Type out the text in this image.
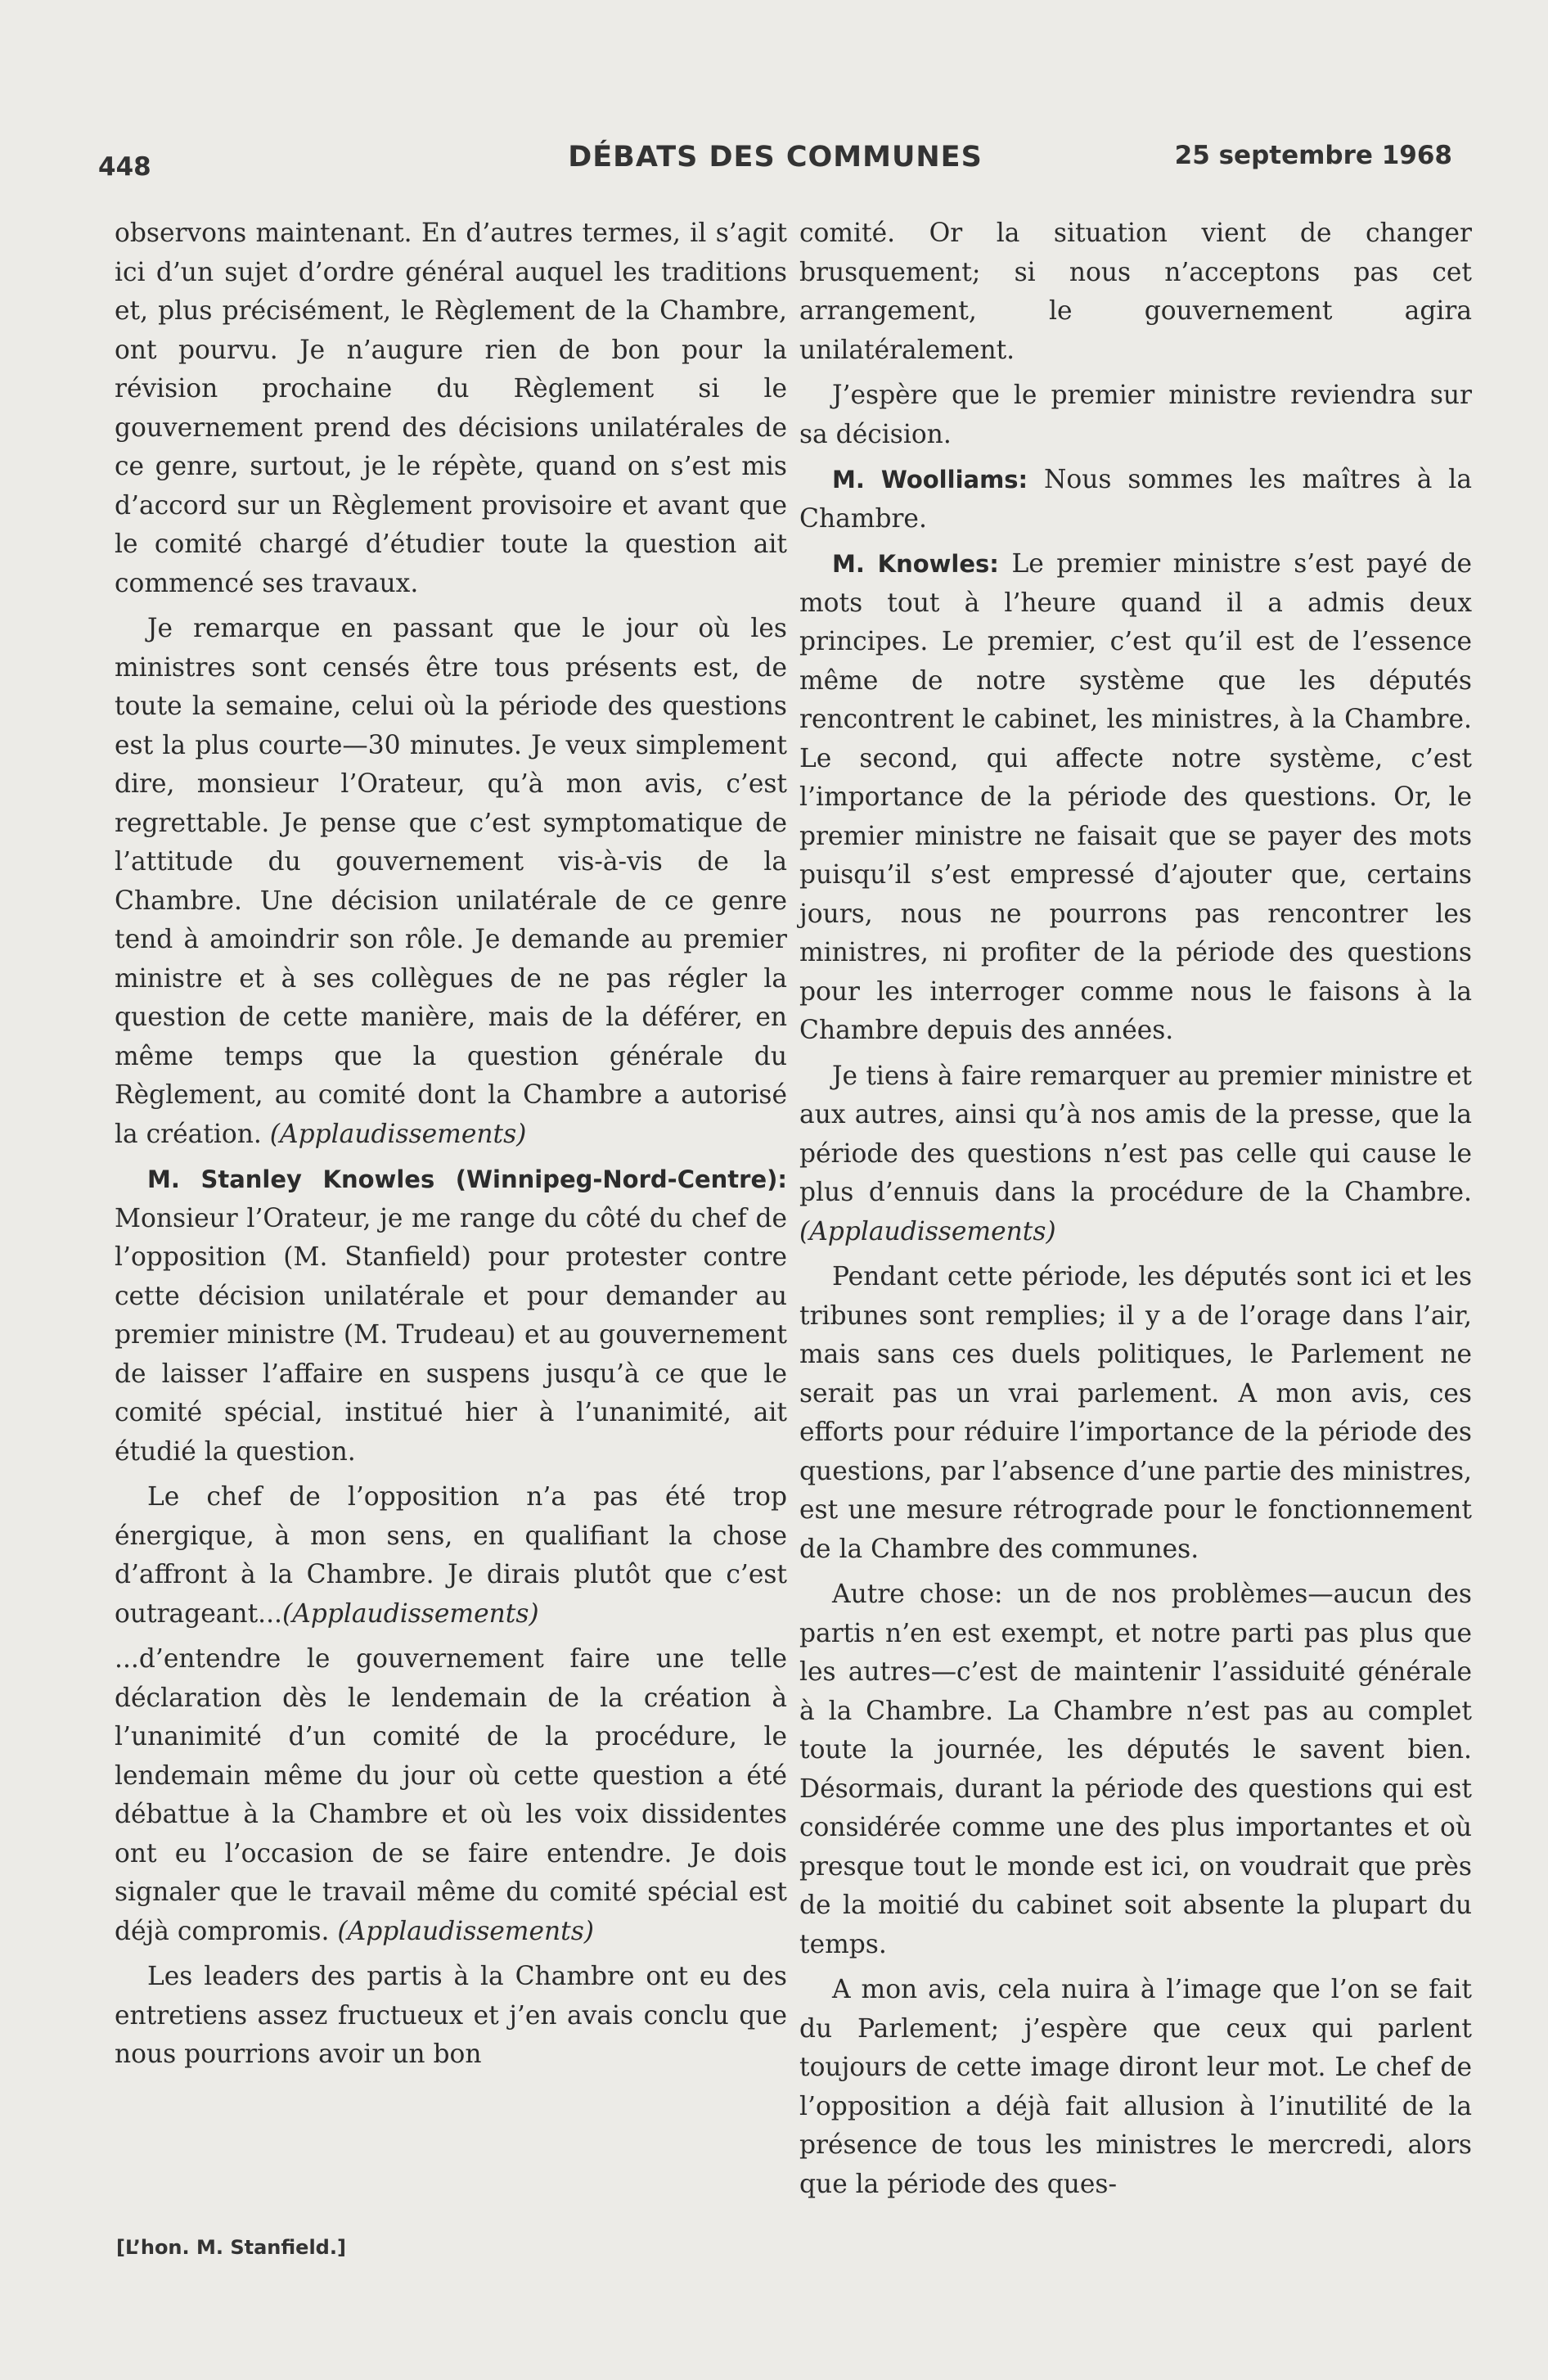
448	DÉBATS DES COMMUNES	25 septembre 1968

observons maintenant. En d’autres termes, il s’agit ici d’un sujet d’ordre général auquel les traditions et, plus précisément, le Règlement de la Chambre, ont pourvu. Je n’augure rien de bon pour la révision prochaine du Règlement si le gouvernement prend des décisions unilatérales de ce genre, surtout, je le répète, quand on s’est mis d’accord sur un Règlement provisoire et avant que le comité chargé d’étudier toute la question ait commencé ses travaux.

Je remarque en passant que le jour où les ministres sont censés être tous présents est, de toute la semaine, celui où la période des questions est la plus courte—30 minutes. Je veux simplement dire, monsieur l’Orateur, qu’à mon avis, c’est regrettable. Je pense que c’est symptomatique de l’attitude du gouvernement vis-à-vis de la Chambre. Une décision unilatérale de ce genre tend à amoindrir son rôle. Je demande au premier ministre et à ses collègues de ne pas régler la question de cette manière, mais de la déférer, en même temps que la question générale du Règlement, au comité dont la Chambre a autorisé la création. (Applaudissements)

M. Stanley Knowles (Winnipeg-Nord-Centre): Monsieur l’Orateur, je me range du côté du chef de l’opposition (M. Stanfield) pour protester contre cette décision unilatérale et pour demander au premier ministre (M. Trudeau) et au gouvernement de laisser l’affaire en suspens jusqu’à ce que le comité spécial, institué hier à l’unanimité, ait étudié la question.

Le chef de l’opposition n’a pas été trop énergique, à mon sens, en qualifiant la chose d’affront à la Chambre. Je dirais plutôt que c’est outrageant...(Applaudissements)

...d’entendre le gouvernement faire une telle déclaration dès le lendemain de la création à l’unanimité d’un comité de la procédure, le lendemain même du jour où cette question a été débattue à la Chambre et où les voix dissidentes ont eu l’occasion de se faire entendre. Je dois signaler que le travail même du comité spécial est déjà compromis. (Applaudissements)

Les leaders des partis à la Chambre ont eu des entretiens assez fructueux et j’en avais conclu que nous pourrions avoir un bon

comité. Or la situation vient de changer brusquement; si nous n’acceptons pas cet arrangement, le gouvernement agira unilatéralement.

J’espère que le premier ministre reviendra sur sa décision.

M. Woolliams: Nous sommes les maîtres à la Chambre.

M. Knowles: Le premier ministre s’est payé de mots tout à l’heure quand il a admis deux principes. Le premier, c’est qu’il est de l’essence même de notre système que les députés rencontrent le cabinet, les ministres, à la Chambre. Le second, qui affecte notre système, c’est l’importance de la période des questions. Or, le premier ministre ne faisait que se payer des mots puisqu’il s’est empressé d’ajouter que, certains jours, nous ne pourrons pas rencontrer les ministres, ni profiter de la période des questions pour les interroger comme nous le faisons à la Chambre depuis des années.

Je tiens à faire remarquer au premier ministre et aux autres, ainsi qu’à nos amis de la presse, que la période des questions n’est pas celle qui cause le plus d’ennuis dans la procédure de la Chambre. (Applaudissements)

Pendant cette période, les députés sont ici et les tribunes sont remplies; il y a de l’orage dans l’air, mais sans ces duels politiques, le Parlement ne serait pas un vrai parlement. A mon avis, ces efforts pour réduire l’importance de la période des questions, par l’absence d’une partie des ministres, est une mesure rétrograde pour le fonctionnement de la Chambre des communes.

Autre chose: un de nos problèmes—aucun des partis n’en est exempt, et notre parti pas plus que les autres—c’est de maintenir l’assiduité générale à la Chambre. La Chambre n’est pas au complet toute la journée, les députés le savent bien. Désormais, durant la période des questions qui est considérée comme une des plus importantes et où presque tout le monde est ici, on voudrait que près de la moitié du cabinet soit absente la plupart du temps.

A mon avis, cela nuira à l’image que l’on se fait du Parlement; j’espère que ceux qui parlent toujours de cette image diront leur mot. Le chef de l’opposition a déjà fait allusion à l’inutilité de la présence de tous les ministres le mercredi, alors que la période des ques-

[L’hon. M. Stanfield.]
